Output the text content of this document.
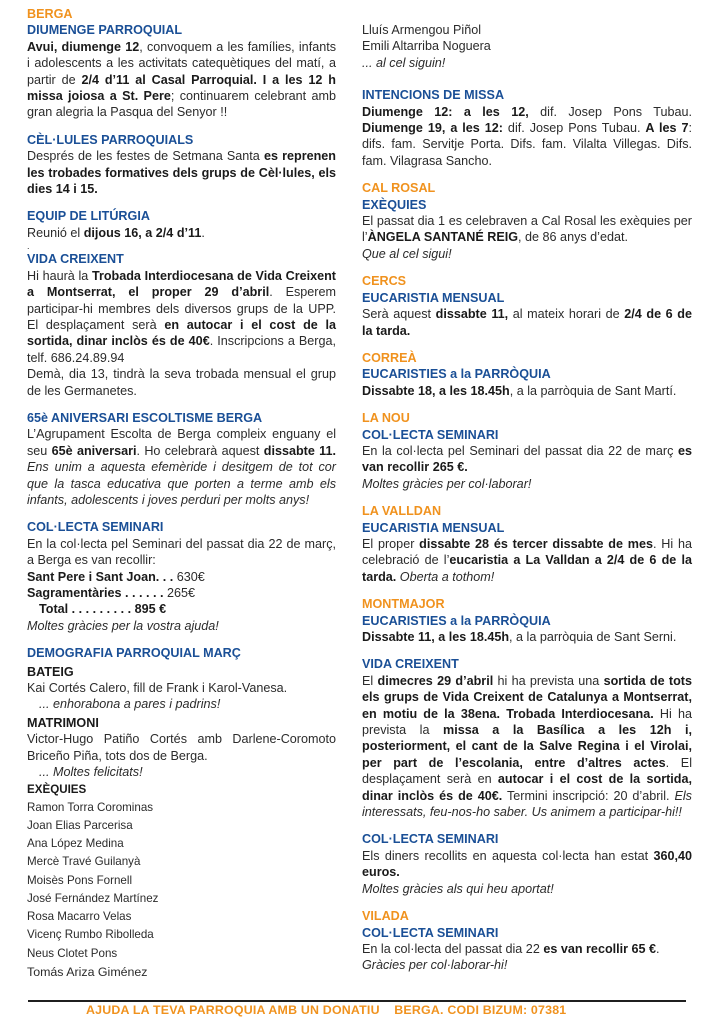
BERGA
DIUMENGE PARROQUIAL
Avui, diumenge 12, convoquem a les famílies, infants i adolescents a les activitats catequètiques del matí, a partir de 2/4 d’11 al Casal Parroquial. I a les 12 h missa joiosa a St. Pere; continuarem celebrant amb gran alegria la Pasqua del Senyor !!
CÈL·LULES PARROQUIALS
Després de les festes de Setmana Santa es reprenen les trobades formatives dels grups de Cèl·lules, els dies 14 i 15.
EQUIP DE LITÚRGIA
Reunió el dijous 16, a 2/4 d’11.
.
VIDA CREIXENT
Hi haurà la Trobada Interdiocesana de Vida Creixent a Montserrat, el proper 29 d’abril. Esperem participar-hi membres dels diversos grups de la UPP. El desplaçament serà en autocar i el cost de la sortida, dinar inclòs és de 40€. Inscripcions a Berga, telf. 686.24.89.94
Demà, dia 13, tindrà la seva trobada mensual el grup de les Germanetes.
65è ANIVERSARI ESCOLTISME BERGA
L’Agrupament Escolta de Berga compleix enguany el seu 65è aniversari. Ho celebrarà aquest dissabte 11. Ens unim a aquesta efemèride i desitgem de tot cor que la tasca educativa que porten a terme amb els infants, adolescents i joves perduri per molts anys!
COL·LECTA SEMINARI
En la col·lecta pel Seminari del passat dia 22 de març, a Berga es van recollir:
Sant Pere i Sant Joan. . . 630€
Sagramentàries . . . . . . 265€
Total . . . . . . . . . 895 €
Moltes gràcies per la vostra ajuda!
DEMOGRAFIA PARROQUIAL MARÇ
BATEIG
Kai Cortés Calero, fill de Frank i Karol-Vanesa.
... enhorabona a pares i padrins!
MATRIMONI
Victor-Hugo Patiño Cortés amb Darlene-Coromoto Briceño Piña, tots dos de Berga.
... Moltes felicitats!
EXÈQUIES
Ramon Torra Corominas
Joan Elias Parcerisa
Ana López Medina
Mercè Travé Guilanyà
Moisès Pons Fornell
José Fernández Martínez
Rosa Macarro Velas
Vicenç Rumbo Ribolleda
Neus Clotet Pons
Tomás Ariza Giménez
Lluís Armengou Piñol
Emili Altarriba Noguera
... al cel siguin!
INTENCIONS DE MISSA
Diumenge 12: a les 12, dif. Josep Pons Tubau. Diumenge 19, a les 12: dif. Josep Pons Tubau. A les 7: difs. fam. Servitje Porta. Difs. fam. Vilalta Villegas. Difs. fam. Vilagrasa Sancho.
CAL ROSAL
EXÈQUIES
El passat dia 1 es celebraven a Cal Rosal les exèquies per l’ÀNGELA SANTANÉ REIG, de 86 anys d’edat.
Que al cel sigui!
CERCS
EUCARISTIA MENSUAL
Serà aquest dissabte 11, al mateix horari de 2/4 de 6 de la tarda.
CORREÀ
EUCARISTIES a la PARRÒQUIA
Dissabte 18, a les 18.45h, a la parròquia de Sant Martí.
LA NOU
COL·LECTA SEMINARI
En la col·lecta pel Seminari del passat dia 22 de març es van recollir 265 €.
Moltes gràcies per col·laborar!
LA VALLDAN
EUCARISTIA MENSUAL
El proper dissabte 28 és tercer dissabte de mes. Hi ha celebració de l’eucaristia a La Valldan a 2/4 de 6 de la tarda. Oberta a tothom!
MONTMAJOR
EUCARISTIES a la PARRÒQUIA
Dissabte 11, a les 18.45h, a la parròquia de Sant Serni.
VIDA CREIXENT
El dimecres 29 d’abril hi ha prevista una sortida de tots els grups de Vida Creixent de Catalunya a Montserrat, en motiu de la 38ena. Trobada Interdiocesana. Hi ha prevista la missa a la Basílica a les 12h i, posteriorment, el cant de la Salve Regina i el Virolai, per part de l’escolania, entre d’altres actes. El desplaçament serà en autocar i el cost de la sortida, dinar inclòs és de 40€. Termini inscripció: 20 d’abril. Els interessats, feu-nos-ho saber. Us animem a participar-hi!!
COL·LECTA SEMINARI
Els diners recollits en aquesta col·lecta han estat 360,40 euros.
Moltes gràcies als qui heu aportat!
VILADA
COL·LECTA SEMINARI
En la col·lecta del passat dia 22 es van recollir 65 €.
Gràcies per col·laborar-hi!
AJUDA LA TEVA PARROQUIA AMB UN DONATIU    BERGA. CODI BIZUM: 07381
